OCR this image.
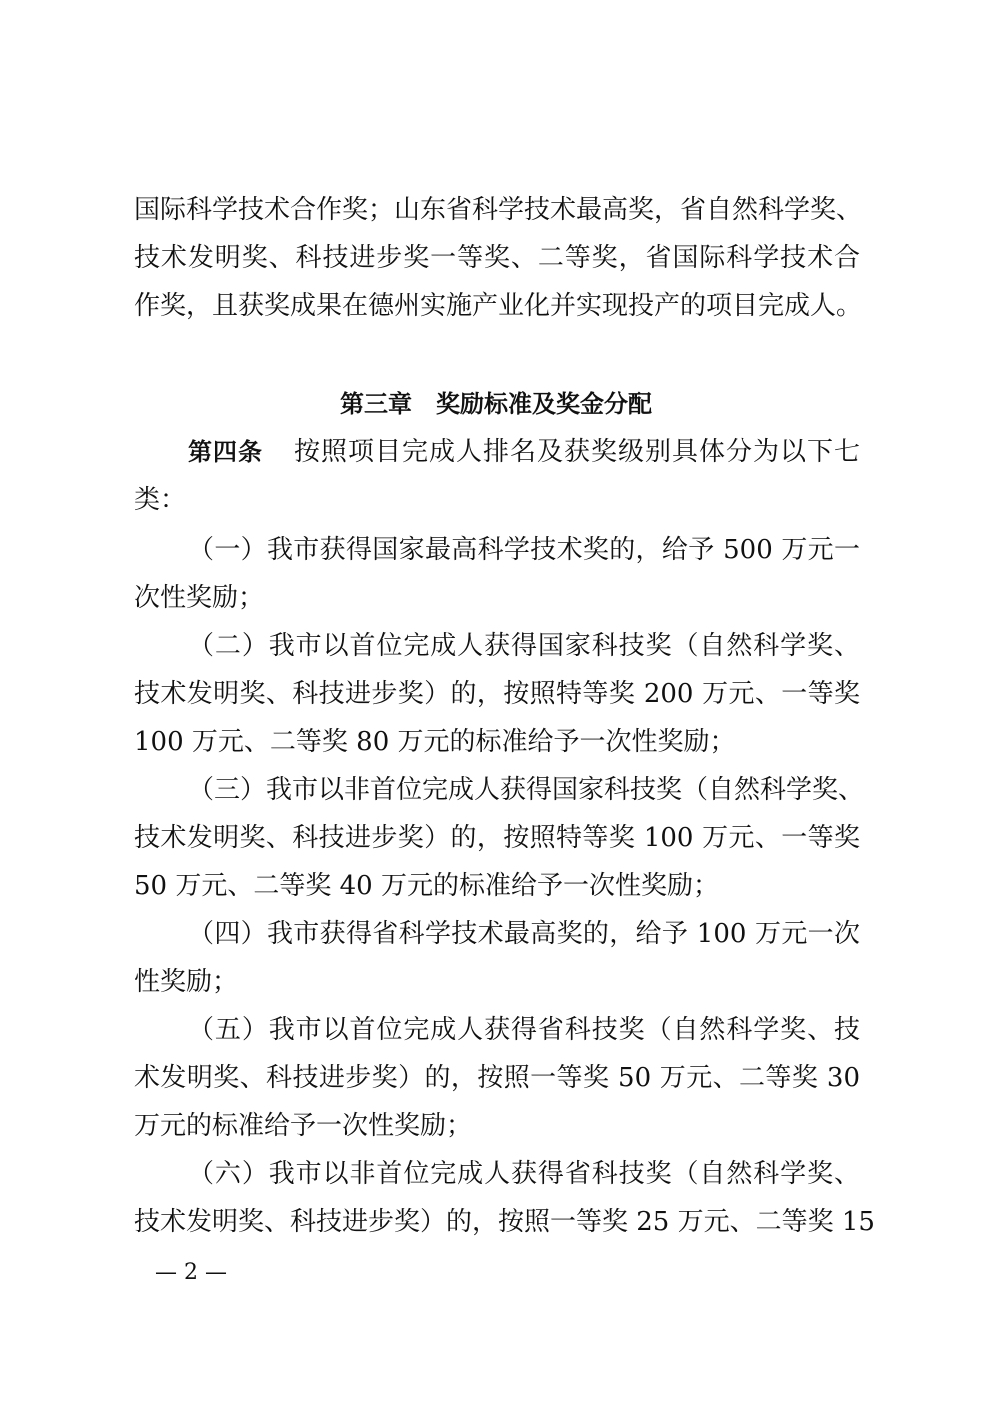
国际科学技术合作奖；山东省科学技术最高奖，省自然科学奖、
技术发明奖、科技进步奖一等奖、二等奖，省国际科学技术合
作奖，且获奖成果在德州实施产业化并实现投产的项目完成人。
第三章　奖励标准及奖金分配
第四条 按照项目完成人排名及获奖级别具体分为以下七
类：
（一）我市获得国家最高科学技术奖的，给予 500 万元一
次性奖励；
（二）我市以首位完成人获得国家科技奖（自然科学奖、
技术发明奖、科技进步奖）的，按照特等奖 200 万元、一等奖
100 万元、二等奖 80 万元的标准给予一次性奖励；
（三）我市以非首位完成人获得国家科技奖（自然科学奖、
技术发明奖、科技进步奖）的，按照特等奖 100 万元、一等奖
50 万元、二等奖 40 万元的标准给予一次性奖励；
（四）我市获得省科学技术最高奖的，给予 100 万元一次
性奖励；
（五）我市以首位完成人获得省科技奖（自然科学奖、技
术发明奖、科技进步奖）的，按照一等奖 50 万元、二等奖 30
万元的标准给予一次性奖励；
（六）我市以非首位完成人获得省科技奖（自然科学奖、
技术发明奖、科技进步奖）的，按照一等奖 25 万元、二等奖 15
— 2 —
